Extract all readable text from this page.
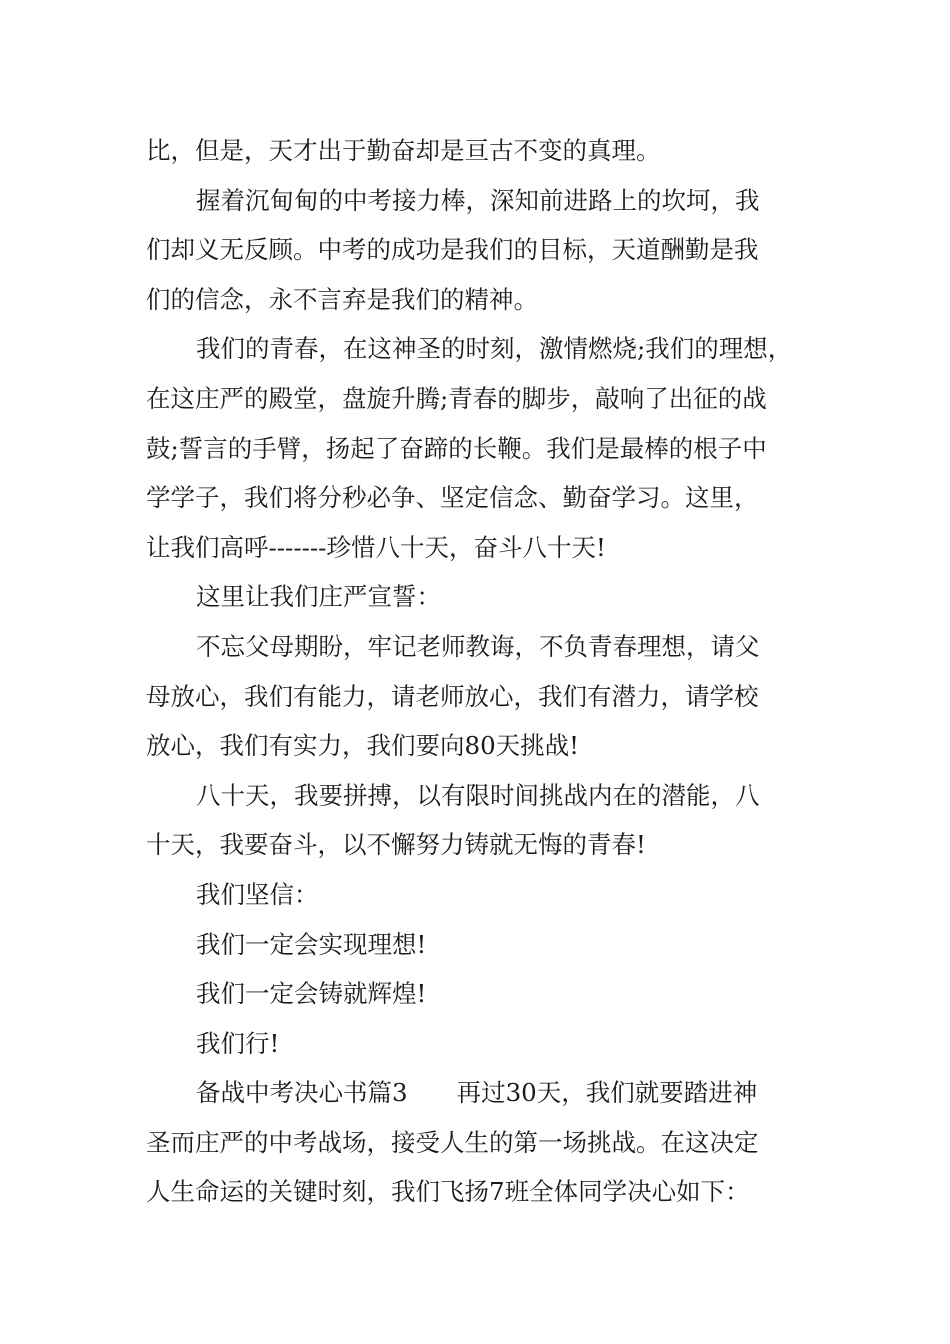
比，但是，天才出于勤奋却是亘古不变的真理。
握着沉甸甸的中考接力棒，深知前进路上的坎坷，我
们却义无反顾。中考的成功是我们的目标，天道酬勤是我
们的信念，永不言弃是我们的精神。
我们的青春，在这神圣的时刻，激情燃烧;我们的理想，
在这庄严的殿堂，盘旋升腾;青春的脚步，敲响了出征的战
鼓;誓言的手臂，扬起了奋蹄的长鞭。我们是最棒的根子中
学学子，我们将分秒必争、坚定信念、勤奋学习。这里，
让我们高呼-------珍惜八十天，奋斗八十天!
这里让我们庄严宣誓：
不忘父母期盼，牢记老师教诲，不负青春理想，请父
母放心，我们有能力，请老师放心，我们有潜力，请学校
放心，我们有实力，我们要向80天挑战!
八十天，我要拼搏，以有限时间挑战内在的潜能，八
十天，我要奋斗，以不懈努力铸就无悔的青春!
我们坚信：
我们一定会实现理想!
我们一定会铸就辉煌!
我们行!
备战中考决心书篇3　　再过30天，我们就要踏进神
圣而庄严的中考战场，接受人生的第一场挑战。在这决定
人生命运的关键时刻，我们飞扬7班全体同学决心如下：
